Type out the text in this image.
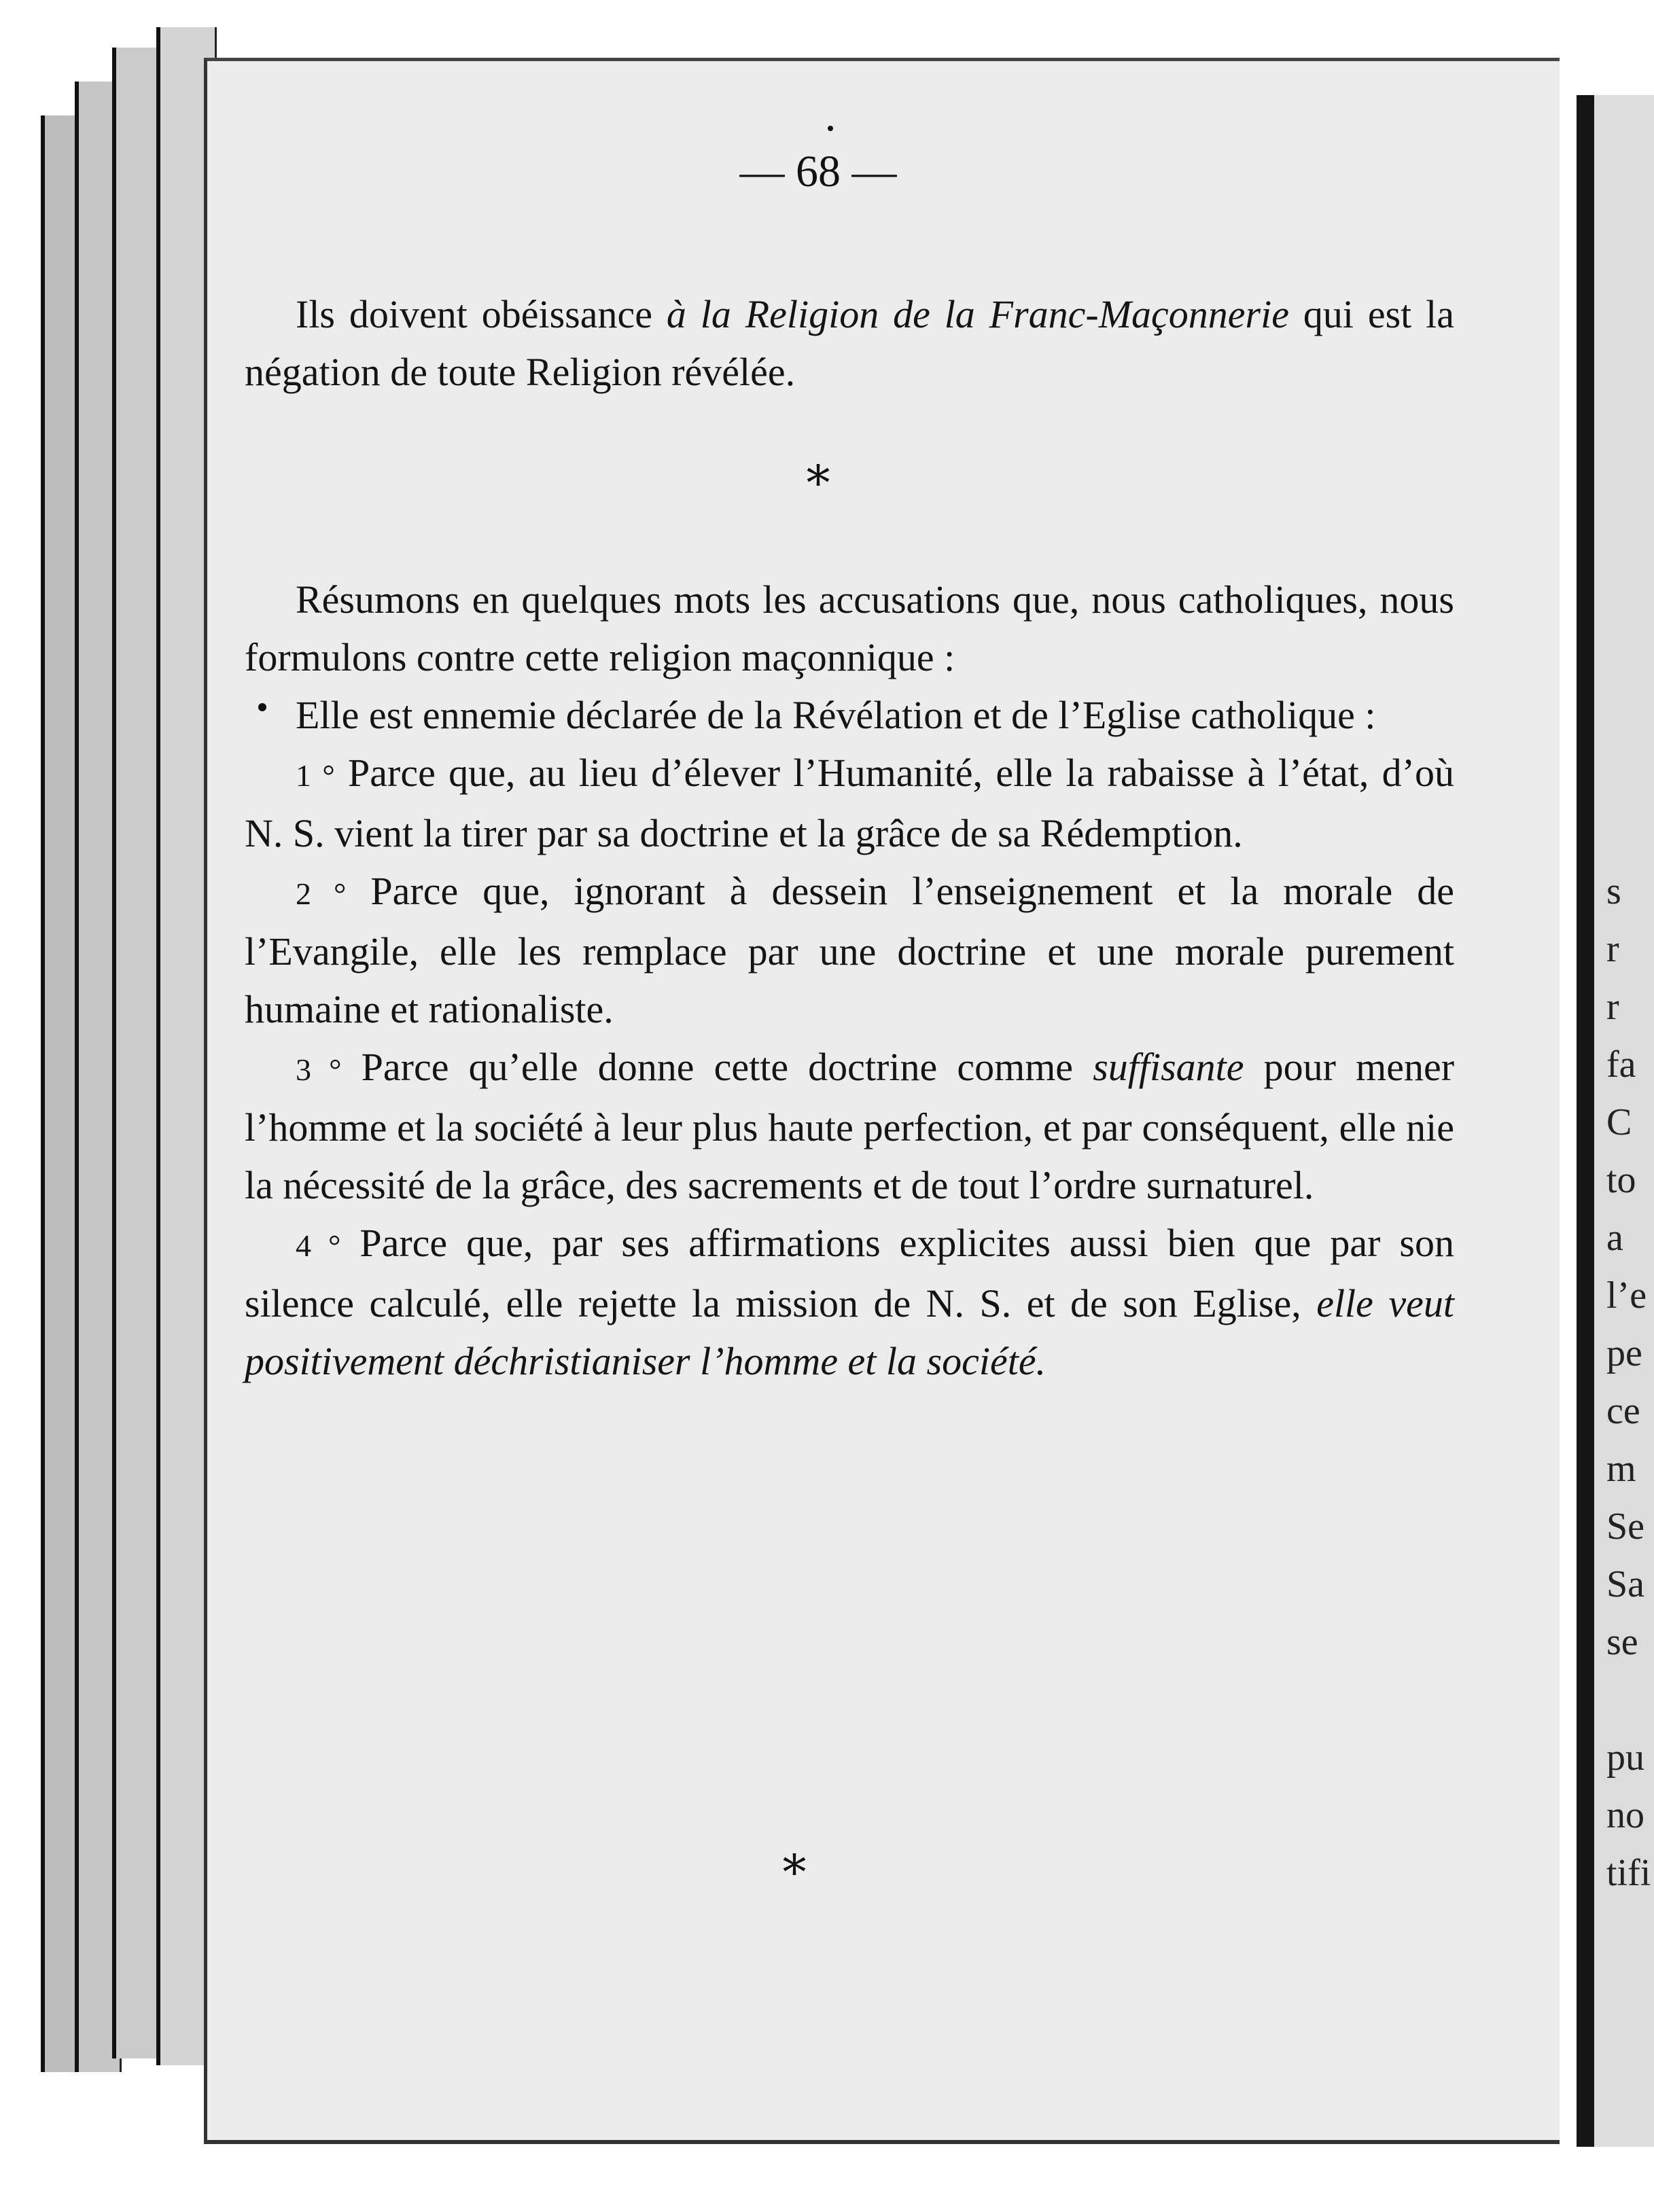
s
r
r
fa
C
to
a
l’e
pe
ce
m
Se
Sa
se
pu
no
tifi
— 68 —

Ils doivent obéissance à la Religion de la Franc-Maçonnerie qui est la négation de toute Religion révélée.

*

Résumons en quelques mots les accusations que, nous catholiques, nous formulons contre cette religion maçonnique :

Elle est ennemie déclarée de la Révélation et de l’Eglise catholique :

1 ° Parce que, au lieu d’élever l’Humanité, elle la rabaisse à l’état, d’où N. S. vient la tirer par sa doctrine et la grâce de sa Rédemption.

2 ° Parce que, ignorant à dessein l’enseignement et la morale de l’Evangile, elle les remplace par une doctrine et une morale purement humaine et rationaliste.

3 ° Parce qu’elle donne cette doctrine comme suffisante pour mener l’homme et la société à leur plus haute perfection, et par conséquent, elle nie la nécessité de la grâce, des sacrements et de tout l’ordre surnaturel.

4 ° Parce que, par ses affirmations explicites aussi bien que par son silence calculé, elle rejette la mission de N. S. et de son Eglise, elle veut positivement déchristianiser l’homme et la société.

*
